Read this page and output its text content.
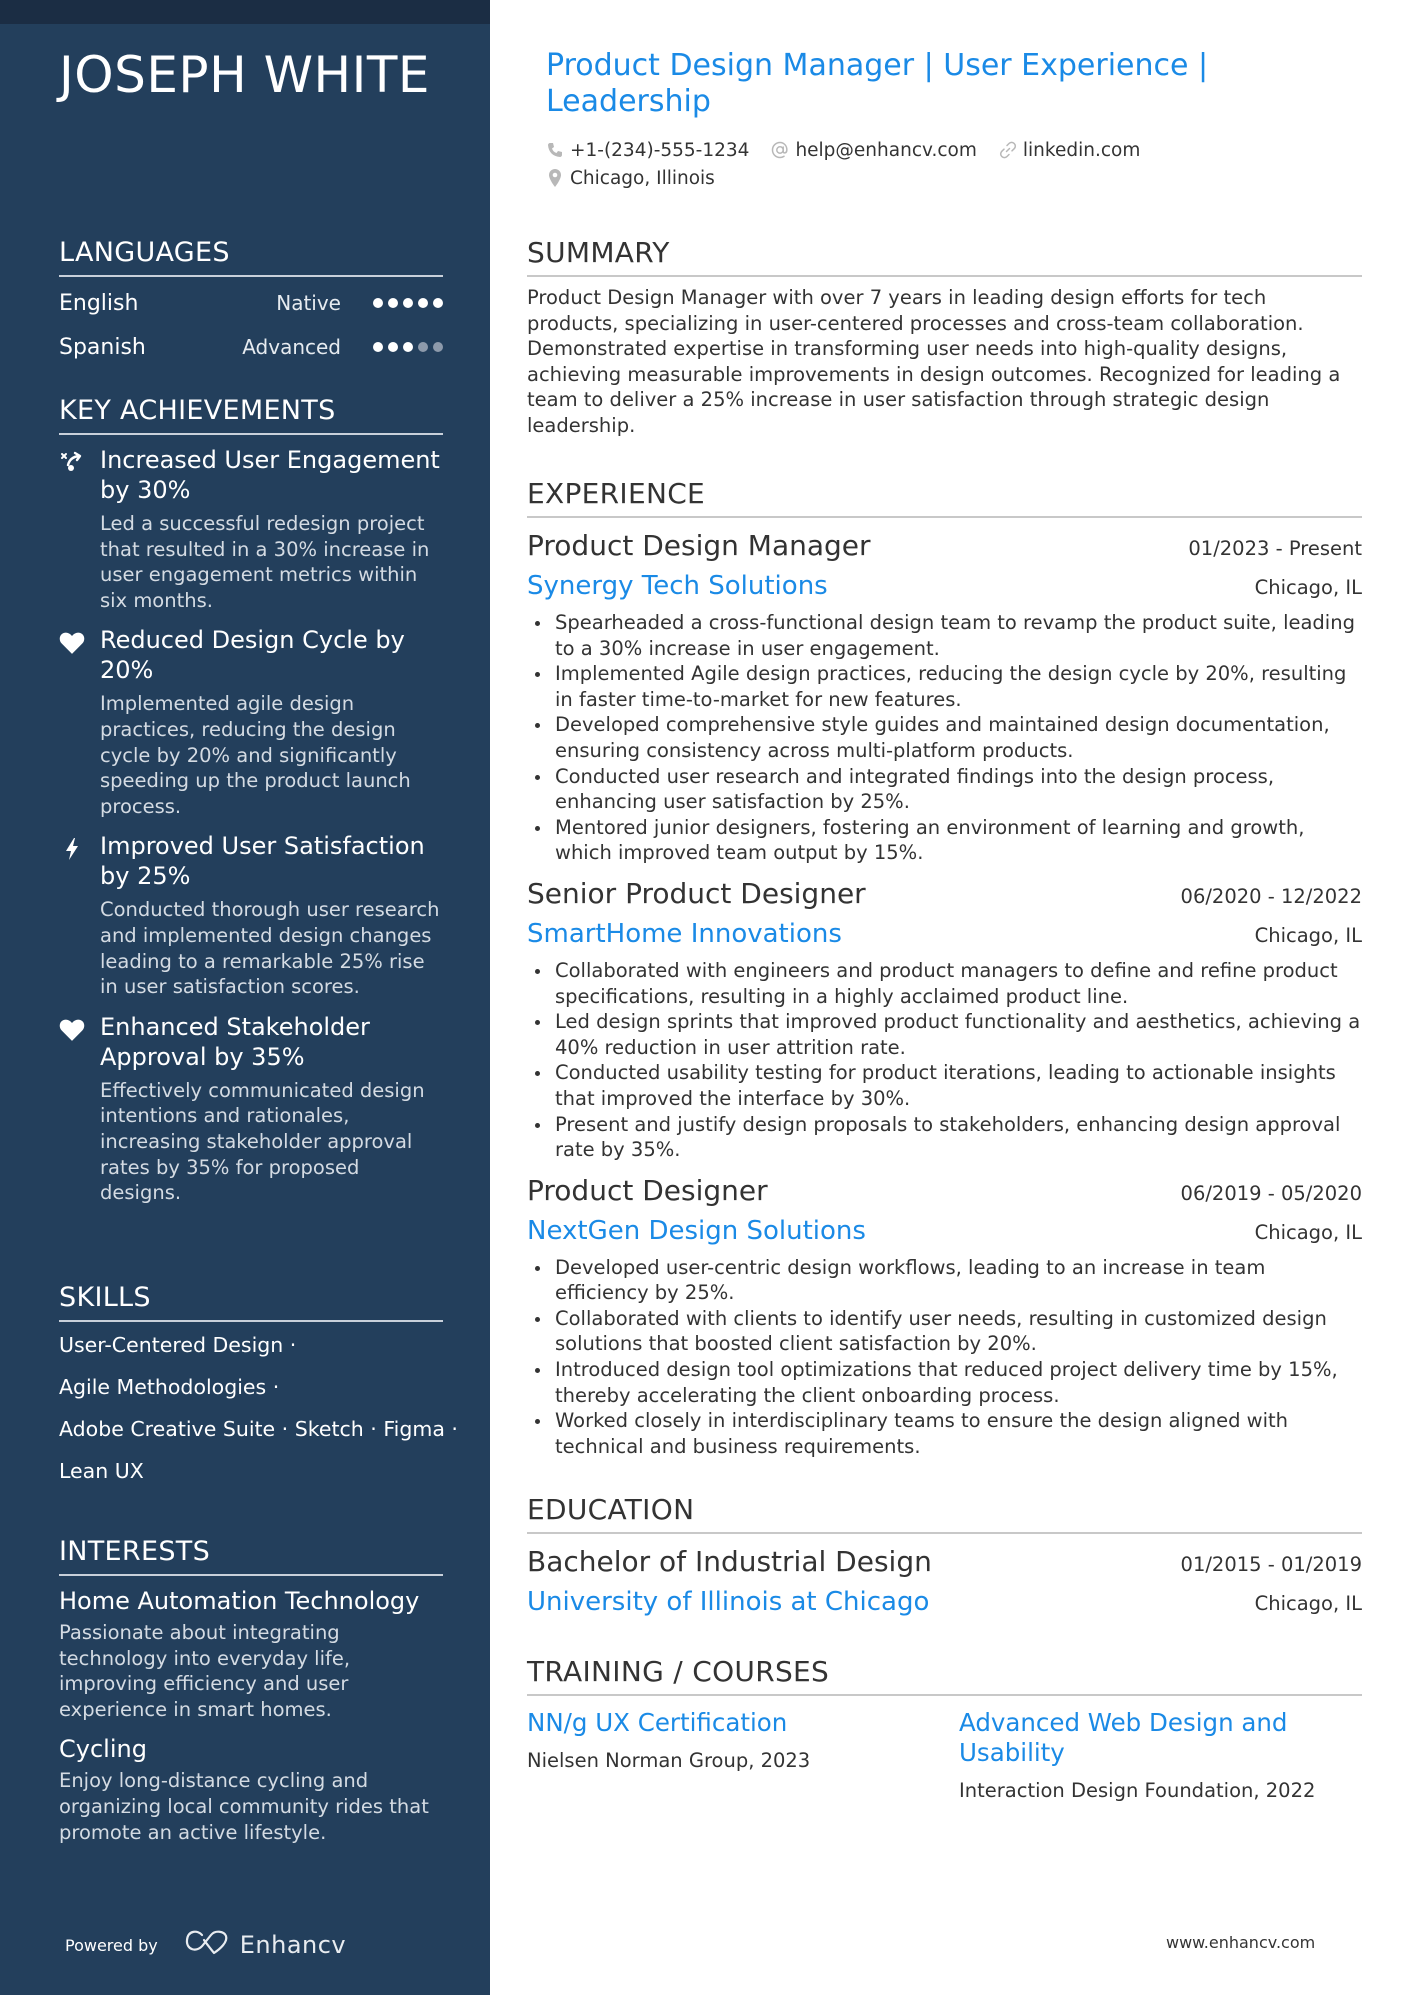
JOSEPH WHITE
LANGUAGES
English	Native
Spanish	Advanced
KEY ACHIEVEMENTS
Increased User Engagement by 30%
Led a successful redesign project that resulted in a 30% increase in user engagement metrics within six months.
Reduced Design Cycle by 20%
Implemented agile design practices, reducing the design cycle by 20% and significantly speeding up the product launch process.
Improved User Satisfaction by 25%
Conducted thorough user research and implemented design changes leading to a remarkable 25% rise in user satisfaction scores.
Enhanced Stakeholder Approval by 35%
Effectively communicated design intentions and rationales, increasing stakeholder approval rates by 35% for proposed designs.
SKILLS
User-Centered Design ·
Agile Methodologies ·
Adobe Creative Suite · Sketch · Figma ·
Lean UX
INTERESTS
Home Automation Technology
Passionate about integrating technology into everyday life, improving efficiency and user experience in smart homes.
Cycling
Enjoy long-distance cycling and organizing local community rides that promote an active lifestyle.
Powered by	Enhancv
Product Design Manager | User Experience | Leadership
+1-(234)-555-1234 help@enhancv.com linkedin.com
Chicago, Illinois
SUMMARY
Product Design Manager with over 7 years in leading design efforts for tech products, specializing in user-centered processes and cross-team collaboration. Demonstrated expertise in transforming user needs into high-quality designs, achieving measurable improvements in design outcomes. Recognized for leading a team to deliver a 25% increase in user satisfaction through strategic design leadership.
EXPERIENCE
Product Design Manager	01/2023 - Present
Synergy Tech Solutions	Chicago, IL
Spearheaded a cross-functional design team to revamp the product suite, leading to a 30% increase in user engagement.
Implemented Agile design practices, reducing the design cycle by 20%, resulting in faster time-to-market for new features.
Developed comprehensive style guides and maintained design documentation, ensuring consistency across multi-platform products.
Conducted user research and integrated findings into the design process, enhancing user satisfaction by 25%.
Mentored junior designers, fostering an environment of learning and growth, which improved team output by 15%.
Senior Product Designer	06/2020 - 12/2022
SmartHome Innovations	Chicago, IL
Collaborated with engineers and product managers to define and refine product specifications, resulting in a highly acclaimed product line.
Led design sprints that improved product functionality and aesthetics, achieving a 40% reduction in user attrition rate.
Conducted usability testing for product iterations, leading to actionable insights that improved the interface by 30%.
Present and justify design proposals to stakeholders, enhancing design approval rate by 35%.
Product Designer	06/2019 - 05/2020
NextGen Design Solutions	Chicago, IL
Developed user-centric design workflows, leading to an increase in team efficiency by 25%.
Collaborated with clients to identify user needs, resulting in customized design solutions that boosted client satisfaction by 20%.
Introduced design tool optimizations that reduced project delivery time by 15%, thereby accelerating the client onboarding process.
Worked closely in interdisciplinary teams to ensure the design aligned with technical and business requirements.
EDUCATION
Bachelor of Industrial Design	01/2015 - 01/2019
University of Illinois at Chicago	Chicago, IL
TRAINING / COURSES
NN/g UX Certification
Nielsen Norman Group, 2023
Advanced Web Design and Usability
Interaction Design Foundation, 2022
www.enhancv.com
